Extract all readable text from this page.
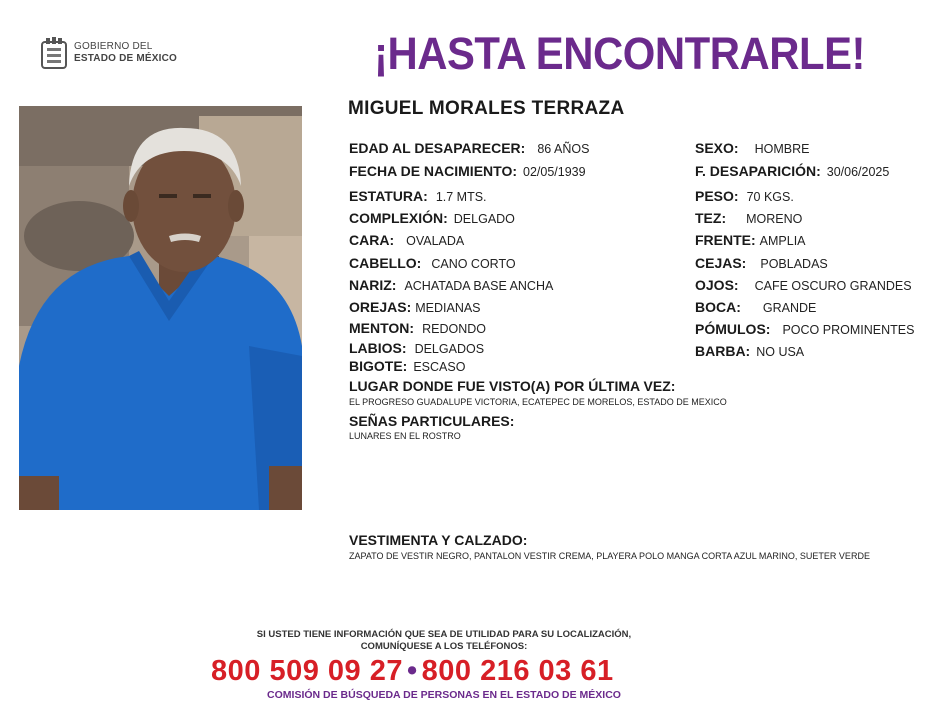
GOBIERNO DEL
ESTADO DE MÉXICO	¡HASTA ENCONTRARLE!
MIGUEL MORALES TERRAZA
EDAD AL DESAPARECER: 86 AÑOS
FECHA DE NACIMIENTO: 02/05/1939
ESTATURA: 1.7 MTS.
COMPLEXIÓN: DELGADO
CARA: OVALADA
CABELLO: CANO CORTO
NARIZ: ACHATADA BASE ANCHA
OREJAS: MEDIANAS
MENTON: REDONDO
LABIOS: DELGADOS
BIGOTE: ESCASO
SEXO: HOMBRE
F. DESAPARICIÓN: 30/06/2025
PESO: 70 KGS.
TEZ: MORENO
FRENTE: AMPLIA
CEJAS: POBLADAS
OJOS: CAFE OSCURO GRANDES
BOCA: GRANDE
PÓMULOS: POCO PROMINENTES
BARBA: NO USA
LUGAR DONDE FUE VISTO(A) POR ÚLTIMA VEZ:
EL PROGRESO GUADALUPE VICTORIA, ECATEPEC DE MORELOS, ESTADO DE MEXICO
SEÑAS PARTICULARES:
LUNARES EN EL ROSTRO
VESTIMENTA Y CALZADO:
ZAPATO DE VESTIR NEGRO, PANTALON VESTIR CREMA, PLAYERA POLO MANGA CORTA AZUL MARINO, SUETER VERDE
SI USTED TIENE INFORMACIÓN QUE SEA DE UTILIDAD PARA SU LOCALIZACIÓN,
COMUNÍQUESE A LOS TELÉFONOS:
800 509 09 27 • 800 216 03 61
COMISIÓN DE BÚSQUEDA DE PERSONAS EN EL ESTADO DE MÉXICO
